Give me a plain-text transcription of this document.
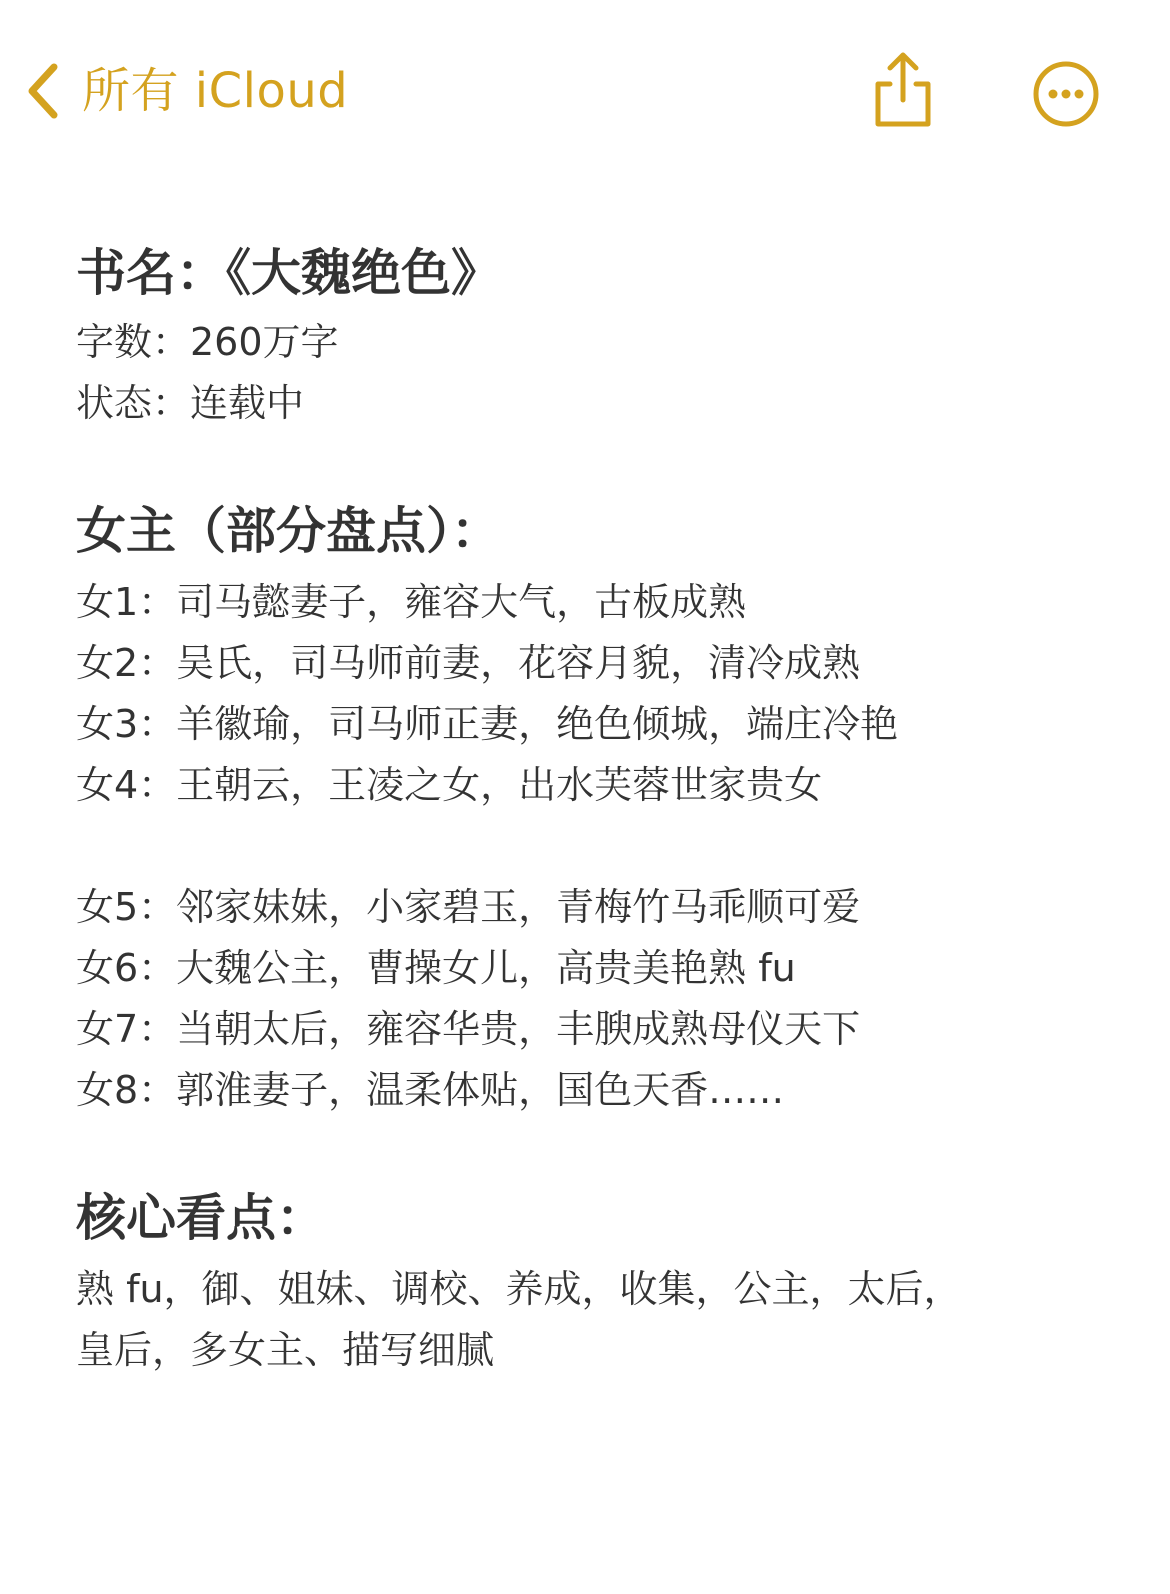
所有 iCloud

书名：《大魏绝色》

字数：260万字

状态：连载中

女主（部分盘点）：

女1：司马懿妻子，雍容大气，古板成熟

女2：吴氏，司马师前妻，花容月貌，清冷成熟

女3：羊徽瑜，司马师正妻，绝色倾城，端庄冷艳

女4：王朝云，王凌之女，出水芙蓉世家贵女

女5：邻家妹妹，小家碧玉，青梅竹马乖顺可爱

女6：大魏公主，曹操女儿，高贵美艳熟 fu

女7：当朝太后，雍容华贵，丰腴成熟母仪天下

女8：郭淮妻子，温柔体贴，国色天香……

核心看点：

熟 fu，御、姐妹、调校、养成，收集，公主，太后，

皇后，多女主、描写细腻
